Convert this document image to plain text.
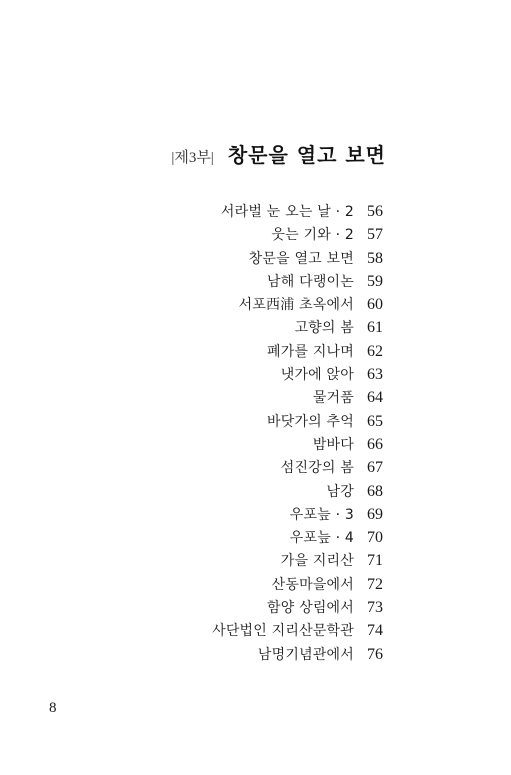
|제3부| 창문을 열고 보면
서라벌 눈 오는 날 · 2 56
웃는 기와 · 2 57
창문을 열고 보면 58
남해 다랭이논 59
서포西浦 초옥에서 60
고향의 봄 61
폐가를 지나며 62
냇가에 앉아 63
물거품 64
바닷가의 추억 65
밤바다 66
섬진강의 봄 67
남강 68
우포늪 · 3 69
우포늪 · 4 70
가을 지리산 71
산동마을에서 72
함양 상림에서 73
사단법인 지리산문학관 74
남명기념관에서 76
8
